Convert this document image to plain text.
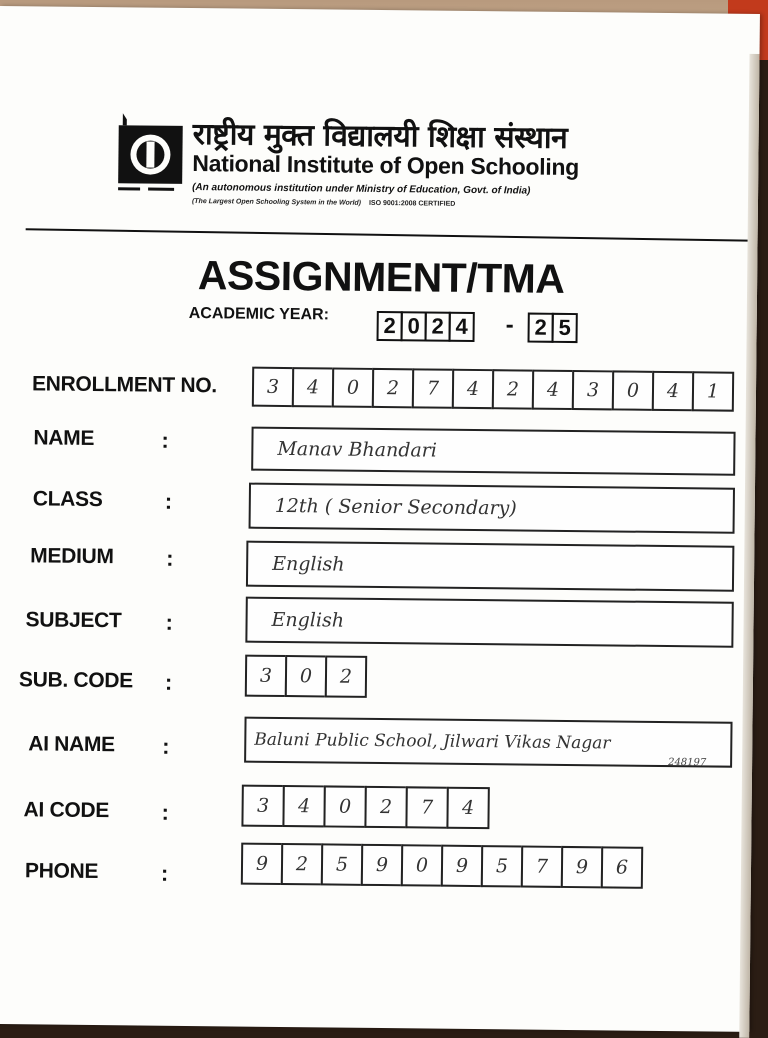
राष्ट्रीय मुक्त विद्यालयी शिक्षा संस्थान
National Institute of Open Schooling
(An autonomous institution under Ministry of Education, Govt. of India)
(The Largest Open Schooling System in the World) ISO 9001:2008 CERTIFIED
ASSIGNMENT/TMA
ACADEMIC YEAR:	2 0 2 4 - 2 5
ENROLLMENT NO.	3	4	0	2	7	4	2	4	3	0	4	1
NAME	:	Manav Bhandari
CLASS	:	12th ( Senior Secondary)
MEDIUM :	English
SUBJECT :	English
SUB. CODE :	3	0	2
AI NAME :	Baluni Public School, Jilwari Vikas Nagar
248197
AI CODE :	3	4	0	2	7	4
PHONE	:	9	2	5	9	0	9	5	7	9	6
